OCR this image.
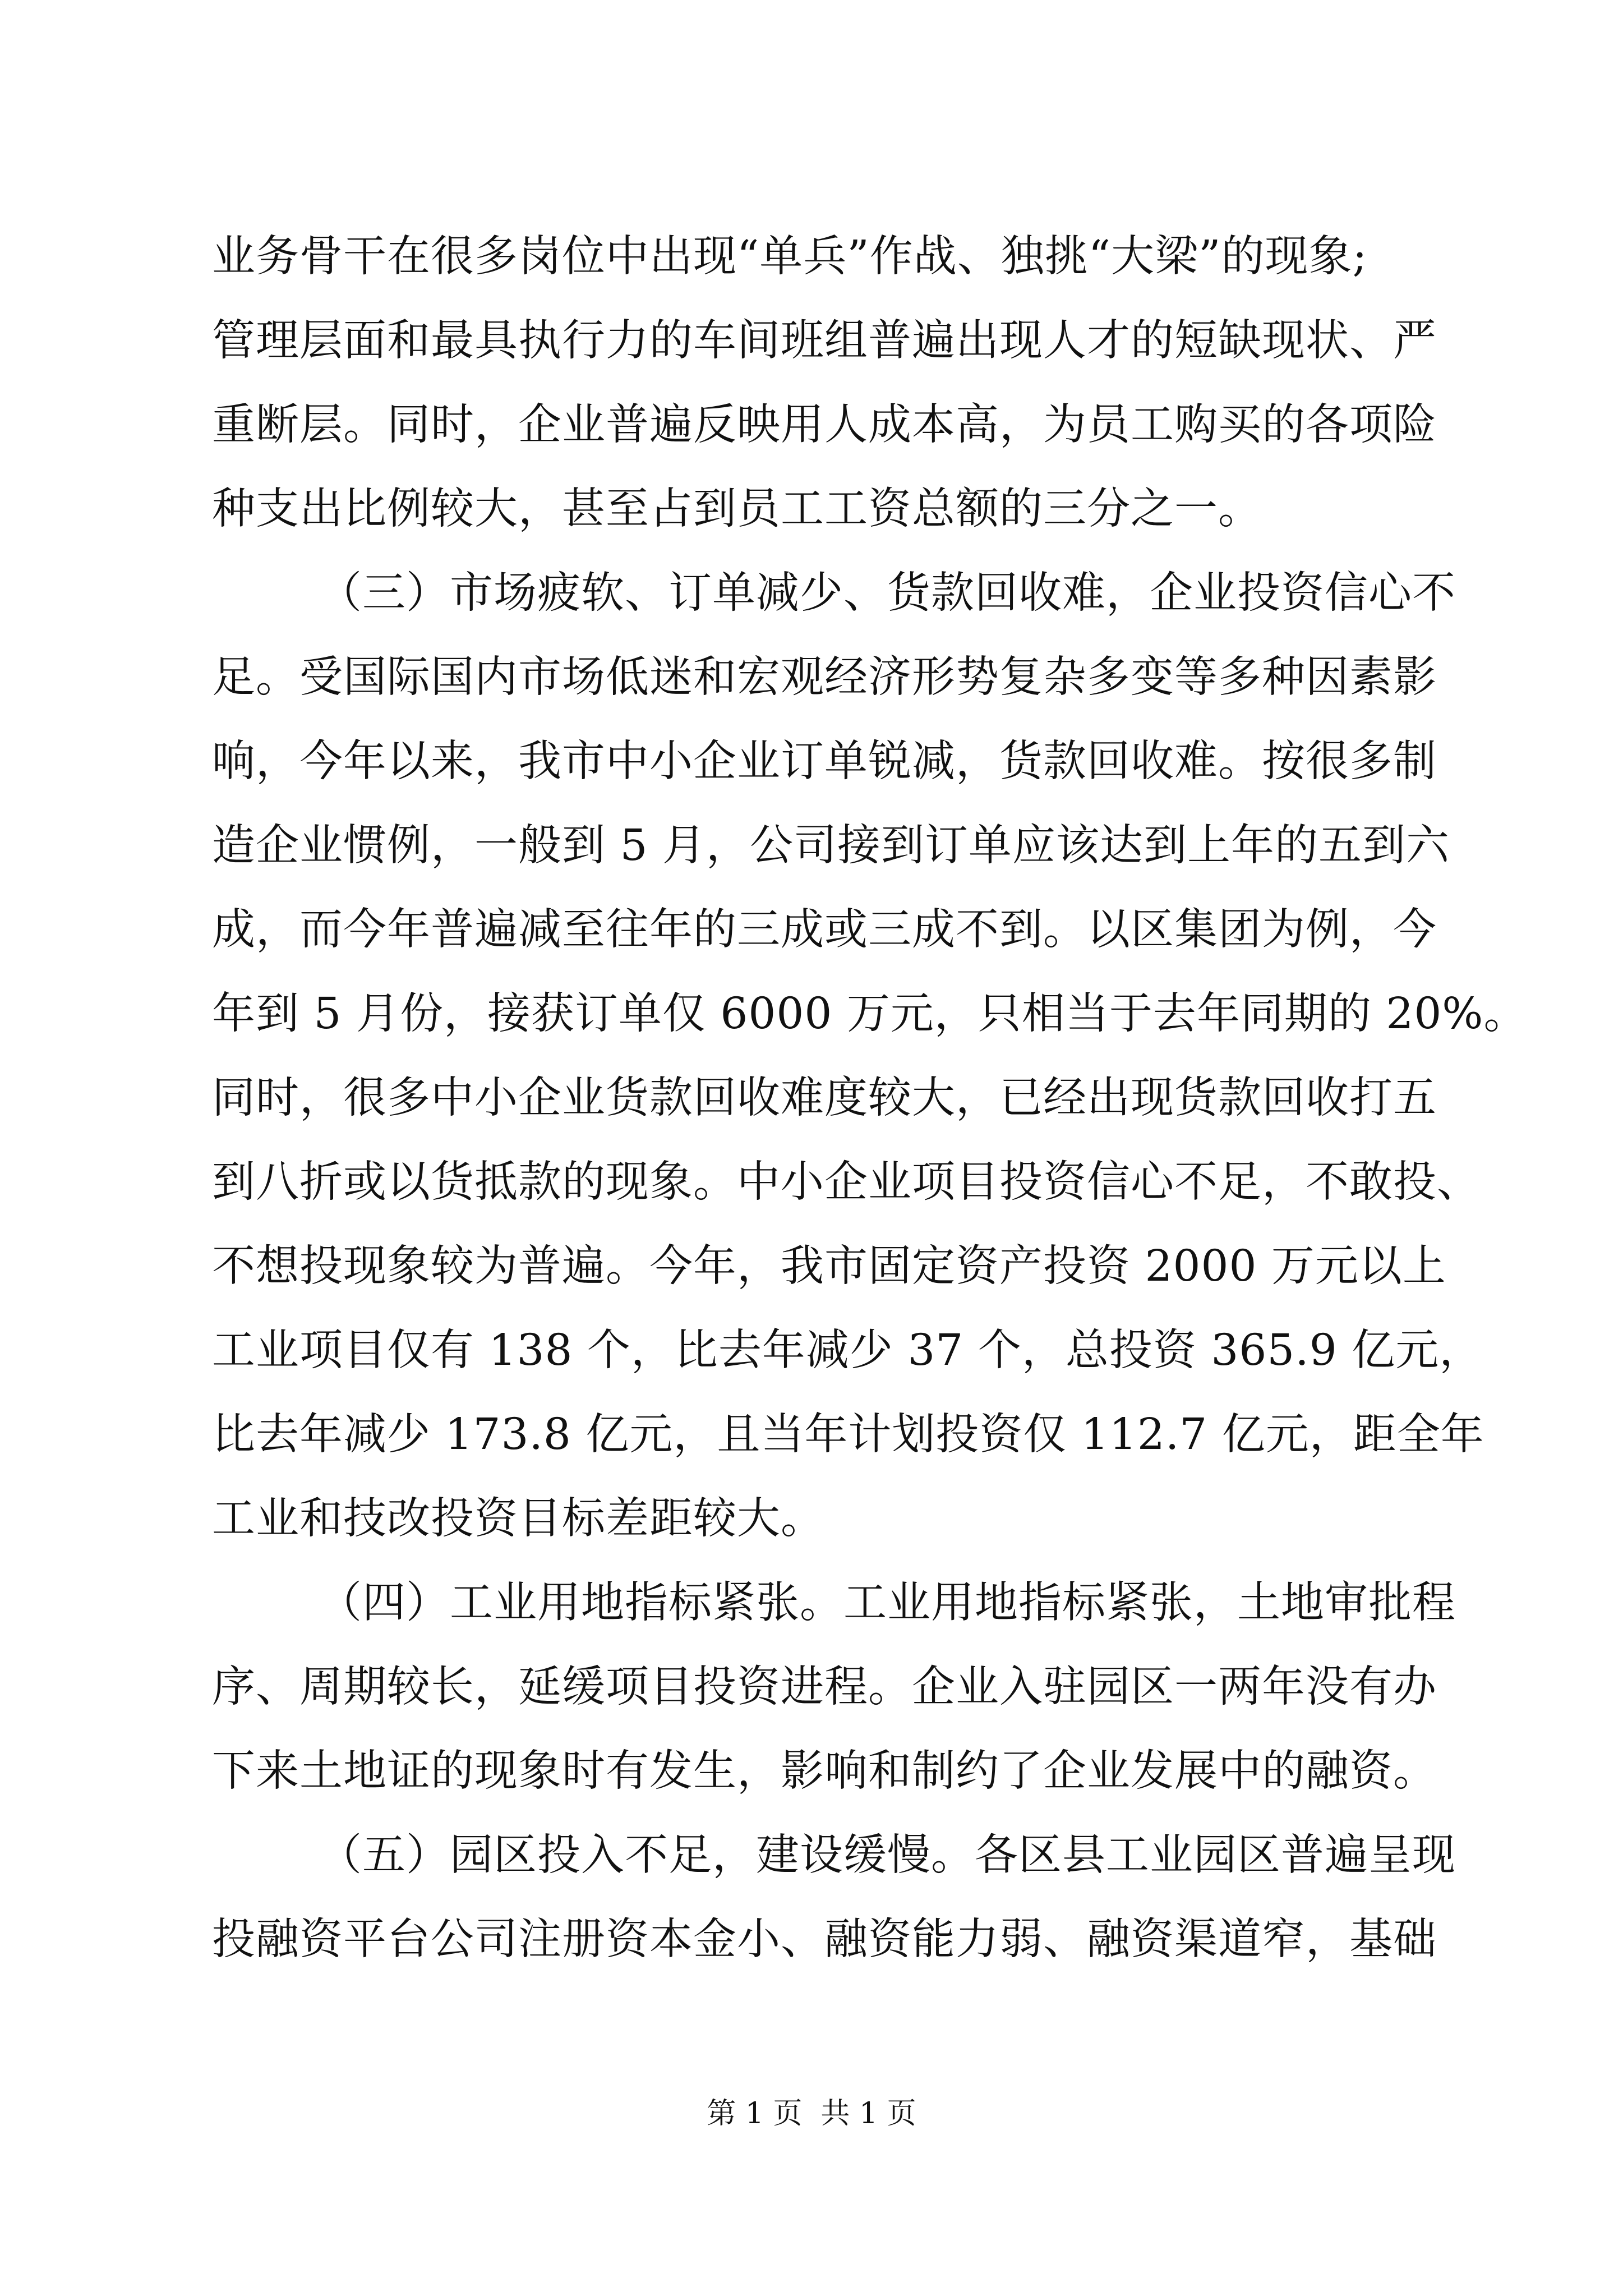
业务骨干在很多岗位中出现“单兵”作战、独挑“大梁”的现象;
管理层面和最具执行力的车间班组普遍出现人才的短缺现状、严
重断层。同时，企业普遍反映用人成本高，为员工购买的各项险
种支出比例较大，甚至占到员工工资总额的三分之一。
（三）市场疲软、订单减少、货款回收难，企业投资信心不
足。受国际国内市场低迷和宏观经济形势复杂多变等多种因素影
响，今年以来，我市中小企业订单锐减，货款回收难。按很多制
造企业惯例，一般到 5 月，公司接到订单应该达到上年的五到六
成，而今年普遍减至往年的三成或三成不到。以区集团为例，今
年到 5 月份，接获订单仅 6000 万元，只相当于去年同期的 20%。
同时，很多中小企业货款回收难度较大，已经出现货款回收打五
到八折或以货抵款的现象。中小企业项目投资信心不足，不敢投、
不想投现象较为普遍。今年，我市固定资产投资 2000 万元以上
工业项目仅有 138 个，比去年减少 37 个，总投资 365.9 亿元，
比去年减少 173.8 亿元，且当年计划投资仅 112.7 亿元，距全年
工业和技改投资目标差距较大。
（四）工业用地指标紧张。工业用地指标紧张，土地审批程
序、周期较长，延缓项目投资进程。企业入驻园区一两年没有办
下来土地证的现象时有发生，影响和制约了企业发展中的融资。
（五）园区投入不足，建设缓慢。各区县工业园区普遍呈现
投融资平台公司注册资本金小、融资能力弱、融资渠道窄，基础
第 1 页  共 1 页
